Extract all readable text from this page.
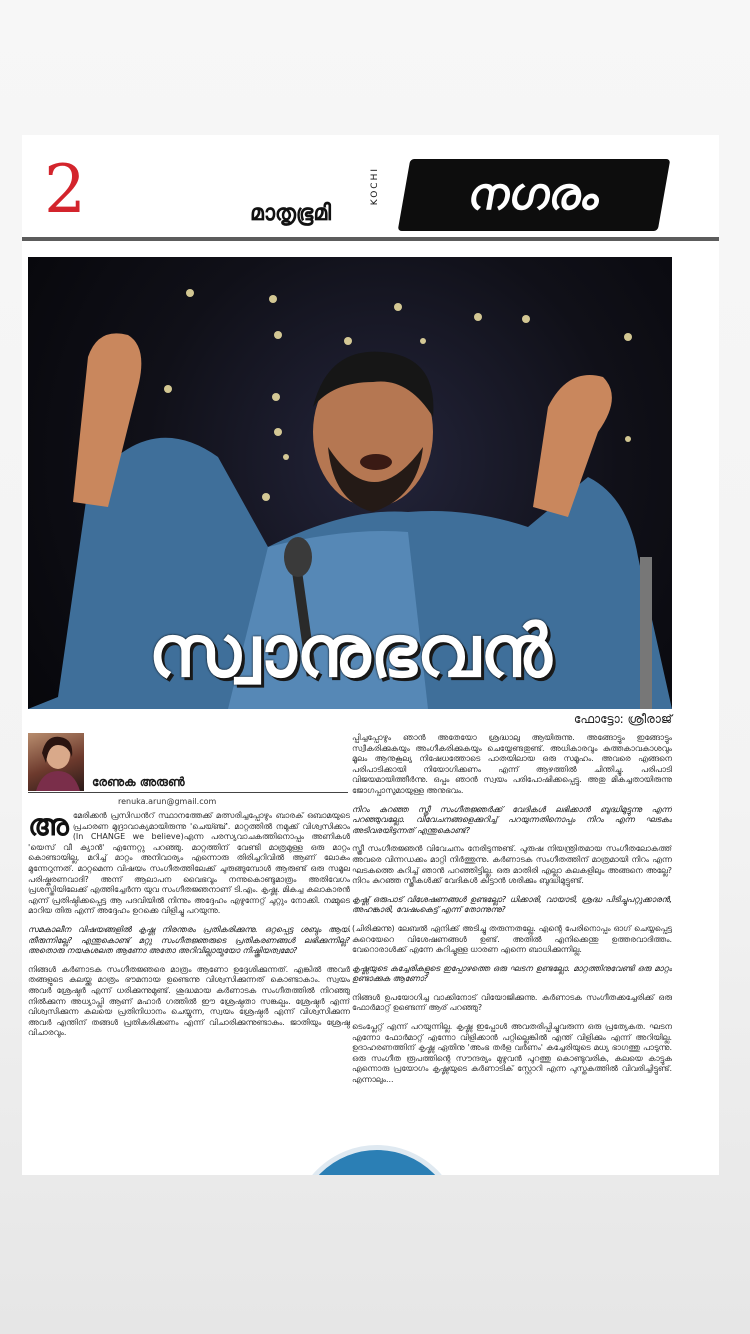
2	മാതൃഭൂമി
KOCHI	നഗരം
സ്വാനുഭവൻ
ഫോട്ടോ: ശ്രീരാജ്
രേണുക അരുൺ
renuka.arun@gmail.com

അമേരിക്കൻ പ്രസിഡൻറ് സ്ഥാനത്തേക്ക് മത്സരിച്ചപ്പോഴും ബാരക് ഒബാമയുടെ പ്രചാരണ മുദ്രാവാക്യമായിരുന്നു 'ചെയ്ഞ്ച്'. മാറ്റത്തിൽ നമുക്ക് വിശ്വസിക്കാം (In CHANGE we believe)എന്ന പരസ്യവാചകത്തിനൊപ്പം അണികൾ 'യെസ് വീ ക്യാൻ' എന്നേറ്റു പറഞ്ഞു. മാറ്റത്തിന് വേണ്ടി മാത്രമുള്ള ഒരു മാറ്റം കൊണ്ടായില്ല, മറിച്ച് മാറ്റം അനിവാര്യം എന്നൊരു തിരിച്ചറിവിൽ ആണ് ലോകം മുന്നേറുന്നത്. മാറ്റമെന്ന വിഷയം സംഗീതത്തിലേക്ക് ചുരുങ്ങുമ്പോൾ ആരുണ്ട് ഒരു സമൂല പരിഷ്കരണവാദി? അന്ന് ആലാപന വൈഭവും നന്നുകൊണ്ടുമാത്രം അതിവേഗം പ്രശസ്തിയിലേക്ക് എത്തിച്ചേർന്ന യുവ സംഗീതജ്ഞനാണ് ടി.എം. കൃഷ്ണ. മികച്ച കലാകാരൻ എന്ന് പ്രതിഷ്ഠിക്കപ്പെട്ട ആ പദവിയിൽ നിന്നും അദ്ദേഹം എഴുന്നേറ്റ് ചുറ്റും നോക്കി. നമ്മുടെ മാറിയ തിരു എന്ന് അദ്ദേഹം ഉറക്കെ വിളിച്ചു പറയുന്നു.

സമകാലീന വിഷയങ്ങളിൽ കൃഷ്ണ നിരന്തരം പ്രതികരിക്കുന്നു. ഒറ്റപ്പെട്ട ശബ്ദം ആയി തീരുന്നില്ലേ? എന്തുകൊണ്ട് മറ്റു സംഗീതജ്ഞരുടെ പ്രതികരണങ്ങൾ ലഭിക്കുന്നില്ല? അതൊരു നയകുശലത ആണോ അതോ അറിവില്ലായ്മയോ നിഷ്ക്രിയത്വമോ?

നിങ്ങൾ കർണാടക സംഗീതജ്ഞരെ മാത്രം ആണോ ഉദ്ദേശിക്കുന്നത്. എങ്കിൽ അവർ തങ്ങളുടെ കലയ്ക്കു മാത്രം ഭൗമനായ ഉണ്ടെന്നു വിശ്വസിക്കുന്നത് കൊണ്ടാകാം. സ്വയം അവർ ശ്രേഷ്ഠർ എന്ന് ധരിക്കുന്നുമുണ്ട്. ശുദ്ധമായ കർണാടക സംഗീതത്തിൽ നിറഞ്ഞു നിൽക്കുന്ന അധ്യാപ്ലി ആണ് മഹാർ ഗത്തിൽ ഈ ശ്രേഷ്ഠതാ സങ്കല്പം. ശ്രേഷ്ഠർ എന്ന് വിശ്വസിക്കുന്ന കലയെ പ്രതിനിധാനം ചെയ്യുന്ന, സ്വയം ശ്രേഷ്ഠർ എന്ന് വിശ്വസിക്കുന്ന അവർ എന്തിന് തങ്ങൾ പ്രതികരിക്കണം എന്ന് വിചാരിക്കുന്നുണ്ടാകും. ജാതിയും ശ്രേഷ്ഠ വിചാരവും.

പ്പിച്ചപ്പോഴും ഞാൻ അതേയോ ശ്രദ്ധാലു ആയിരുന്നു. അങ്ങോട്ടും ഇങ്ങോട്ടും സ്വീകരിക്കുകയും അംഗീകരിക്കുകയും ചെയ്യേണ്ടതുണ്ട്. അധികാരവും കുത്തകാവകാശവും മൂലം ആനുകൂല്യ നിഷേധത്തോടെ പാതയിലായ ഒരു സമൂഹം. അവരെ എങ്ങനെ പരിപാടിക്കായി നിയോഗിക്കണം എന്ന് ആഴത്തിൽ ചിന്തിച്ചു. പരിപാടി വിജയമായിത്തീർന്നു. ഒപ്പം ഞാൻ സ്വയം പരിപോഷിക്കപ്പെട്ടു. അതു മികച്ചതായിരുന്നു ജോഗപ്പാസുമായുള്ള അനുഭവം.

നിറം കുറഞ്ഞ സ്ത്രീ സംഗീതജ്ഞർക്ക് വേദികൾ ലഭിക്കാൻ ബുദ്ധിമുട്ടുന്നു എന്ന് പറഞ്ഞുവല്ലോ. വിവേചനങ്ങളെക്കുറിച്ച് പറയുന്നതിനൊപ്പം നിറം എന്ന ഘടകം അടിവരയിടുന്നത് എന്തുകൊണ്ട്?

സ്ത്രീ സംഗീതജ്ഞൻ വിവേചനം നേരിടുന്നുണ്ട്. പുരുഷ നിയന്ത്രിതമായ സംഗീതലോകത്ത് അവരെ വിന്നഡക്കം മാറ്റി നിർത്തുന്നു. കർണാടക സംഗീതത്തിന് മാത്രമായി നിറം എന്ന ഘടകത്തെ കുറിച്ച് ഞാൻ പറഞ്ഞിട്ടില്ല. ഒരു മാതിരി എല്ലാ കലകളിലും അങ്ങനെ അല്ലേ? നിറം കുറഞ്ഞ സ്ത്രീകൾക്ക് വേദികൾ കിട്ടാൻ ശരിക്കും ബുദ്ധിമുട്ടുണ്ട്.

കൃഷ്ണ് ഒരുപാട് വിശേഷണങ്ങൾ ഉണ്ടല്ലോ? ധിക്കാരി, വായാടി, ശ്രദ്ധ പിടിച്ചുപറ്റുക്കാരൻ, അഹങ്കാരി, വേഷംകെട്ട് എന്ന് തോന്നുന്നു?

(ചിരിക്കുന്നു) ലേബൽ ഏനിക്ക് അടിച്ചു തരുന്നതല്ലേ. എന്റെ പേരിനൊപ്പം ഓഗ് ചെയ്യപ്പെട്ട കുറെയേറെ വിശേഷണങ്ങൾ ഉണ്ട്. അതിൽ എനിക്കെന്തു ഉത്തരവാദിത്തം. വേറൊരാൾക്ക് എന്നേ കുറിച്ചുള്ള ധാരണ എന്നെ ബാധിക്കുന്നില്ല.

കൃഷ്ണയുടെ കച്ചേരികളുടെ ഇപ്പോഴത്തെ ഒരു ഘടന ഉണ്ടല്ലോ. മാറ്റത്തിനുവേണ്ടി ഒരു മാറ്റം ഉണ്ടാക്കുക ആണോ?

നിങ്ങൾ ഉപയോഗിച്ച വാക്കിനോട് വിയോജിക്കുന്നു. കർണാടക സംഗീതക്കച്ചേരിക്ക് ഒരു ഫോർമാറ്റ് ഉണ്ടെന്ന് ആര് പറഞ്ഞു?

ടെംപ്ലേറ്റ് എന്ന് പറയുന്നില്ല. കൃഷ്ണ ഇപ്പോൾ അവതരിപ്പിച്ചുവരുന്ന ഒരു പ്രത്യേകത. ഘടന എന്നോ ഫോർമാറ്റ് എന്നോ വിളിക്കാൻ പറ്റില്ലെങ്കിൽ എന്ത് വിളിക്കും എന്ന് അറിയില്ല. ഉദാഹരണത്തിന് കൃഷ്ണ ഏതിനു 'അംഭ തര്‍ള വര്‍ണം' കച്ചേരിയുടെ മധ്യ ഭാഗത്തു പാടുന്നു. ഒരു സംഗീത രൂപത്തിന്റെ സൗന്ദര്യം മുഴുവൻ പുറത്തു കൊണ്ടുവരിക, കലയെ കാട്ടുക എന്നൊരു പ്രയോഗം കൃഷ്ണയുടെ കർണാടിക് സ്റ്റോറി എന്ന പുസ്തകത്തിൽ വിവരിച്ചിട്ടുണ്ട്. എന്നാലും...
